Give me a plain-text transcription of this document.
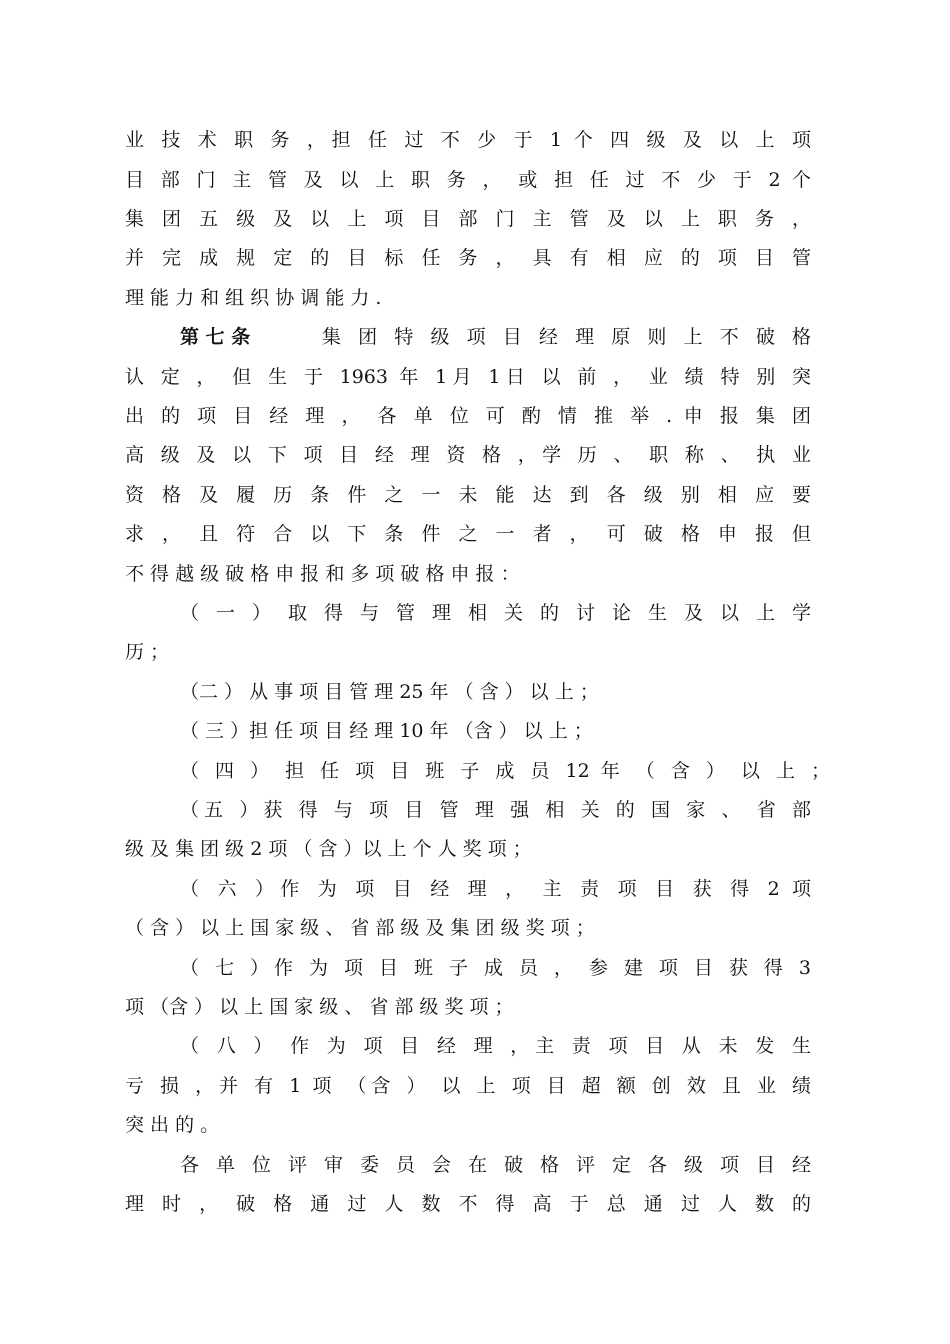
业 技 术 职 务 ，担 任 过 不 少 于 1 个 四 级 及 以 上 项

目 部 门 主 管 及 以 上 职 务 ， 或 担 任 过 不 少 于 2 个

集 团 五 级 及 以 上 项 目 部 门 主 管 及 以 上 职 务 ，

并 完 成 规 定 的 目 标 任 务 ， 具 有 相 应 的 项 目 管

理 能 力 和 组 织 协 调 能 力 .

第 七 条	集 团 特 级 项 目 经 理 原 则 上 不 破 格

认 定 ， 但 生 于 1963 年 1月 1日 以 前 ， 业 绩 特 别 突

出 的 项 目 经 理 ， 各 单 位 可 酌 情 推 举 . 申 报 集 团

高 级 及 以 下 项 目 经 理 资 格 ，学 历 、 职 称 、 执 业

资 格 及 履 历 条 件 之 一 未 能 达 到 各 级 别 相 应 要

求 ， 且 符 合 以 下 条 件 之 一 者 ， 可 破 格 申 报 但

不 得 越 级 破 格 申 报 和 多 项 破 格 申 报 ：

（ 一 ） 取 得 与 管 理 相 关 的 讨 论 生 及 以 上 学

历 ；

（二 ） 从 事 项 目 管 理 25 年 （ 含 ） 以 上 ；

（ 三 ）担 任 项 目 经 理 10 年 （含 ） 以 上 ；

（ 四 ） 担 任 项 目 班 子 成 员 12 年 （ 含 ） 以 上 ；

（五 ）获 得 与 项 目 管 理 强 相 关 的 国 家 、 省 部

级 及 集 团 级 2 项 （ 含 ）以 上 个 人 奖 项 ；

（ 六 ）作 为 项 目 经 理 ， 主 责 项 目 获 得 2 项

（ 含 ） 以 上 国 家 级 、 省 部 级 及 集 团 级 奖 项 ；

（ 七 ）作 为 项 目 班 子 成 员 ， 参 建 项 目 获 得 3

项 （含 ） 以 上 国 家 级 、 省 部 级 奖 项 ；

（ 八 ） 作 为 项 目 经 理 ，主 责 项 目 从 未 发 生

亏 损 ，并 有 1 项 （含 ） 以 上 项 目 超 额 创 效 且 业 绩

突 出 的 。

各 单 位 评 审 委 员 会 在 破 格 评 定 各 级 项 目 经

理 时 ， 破 格 通 过 人 数 不 得 高 于 总 通 过 人 数 的
